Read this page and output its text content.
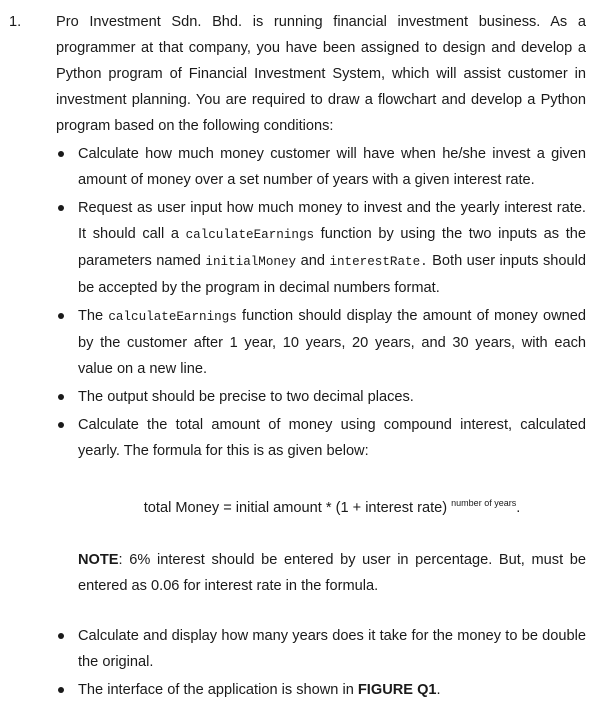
1. Pro Investment Sdn. Bhd. is running financial investment business. As a programmer at that company, you have been assigned to design and develop a Python program of Financial Investment System, which will assist customer in investment planning. You are required to draw a flowchart and develop a Python program based on the following conditions:

Calculate how much money customer will have when he/she invest a given amount of money over a set number of years with a given interest rate.
Request as user input how much money to invest and the yearly interest rate. It should call a calculateEarnings function by using the two inputs as the parameters named initialMoney and interestRate. Both user inputs should be accepted by the program in decimal numbers format.
The calculateEarnings function should display the amount of money owned by the customer after 1 year, 10 years, 20 years, and 30 years, with each value on a new line.
The output should be precise to two decimal places.
Calculate the total amount of money using compound interest, calculated yearly. The formula for this is as given below:
total Money = initial amount * (1 + interest rate) $^{number of years}$.
NOTE: 6% interest should be entered by user in percentage. But, must be entered as 0.06 for interest rate in the formula.
Calculate and display how many years does it take for the money to be double the original.
The interface of the application is shown in FIGURE Q1.
